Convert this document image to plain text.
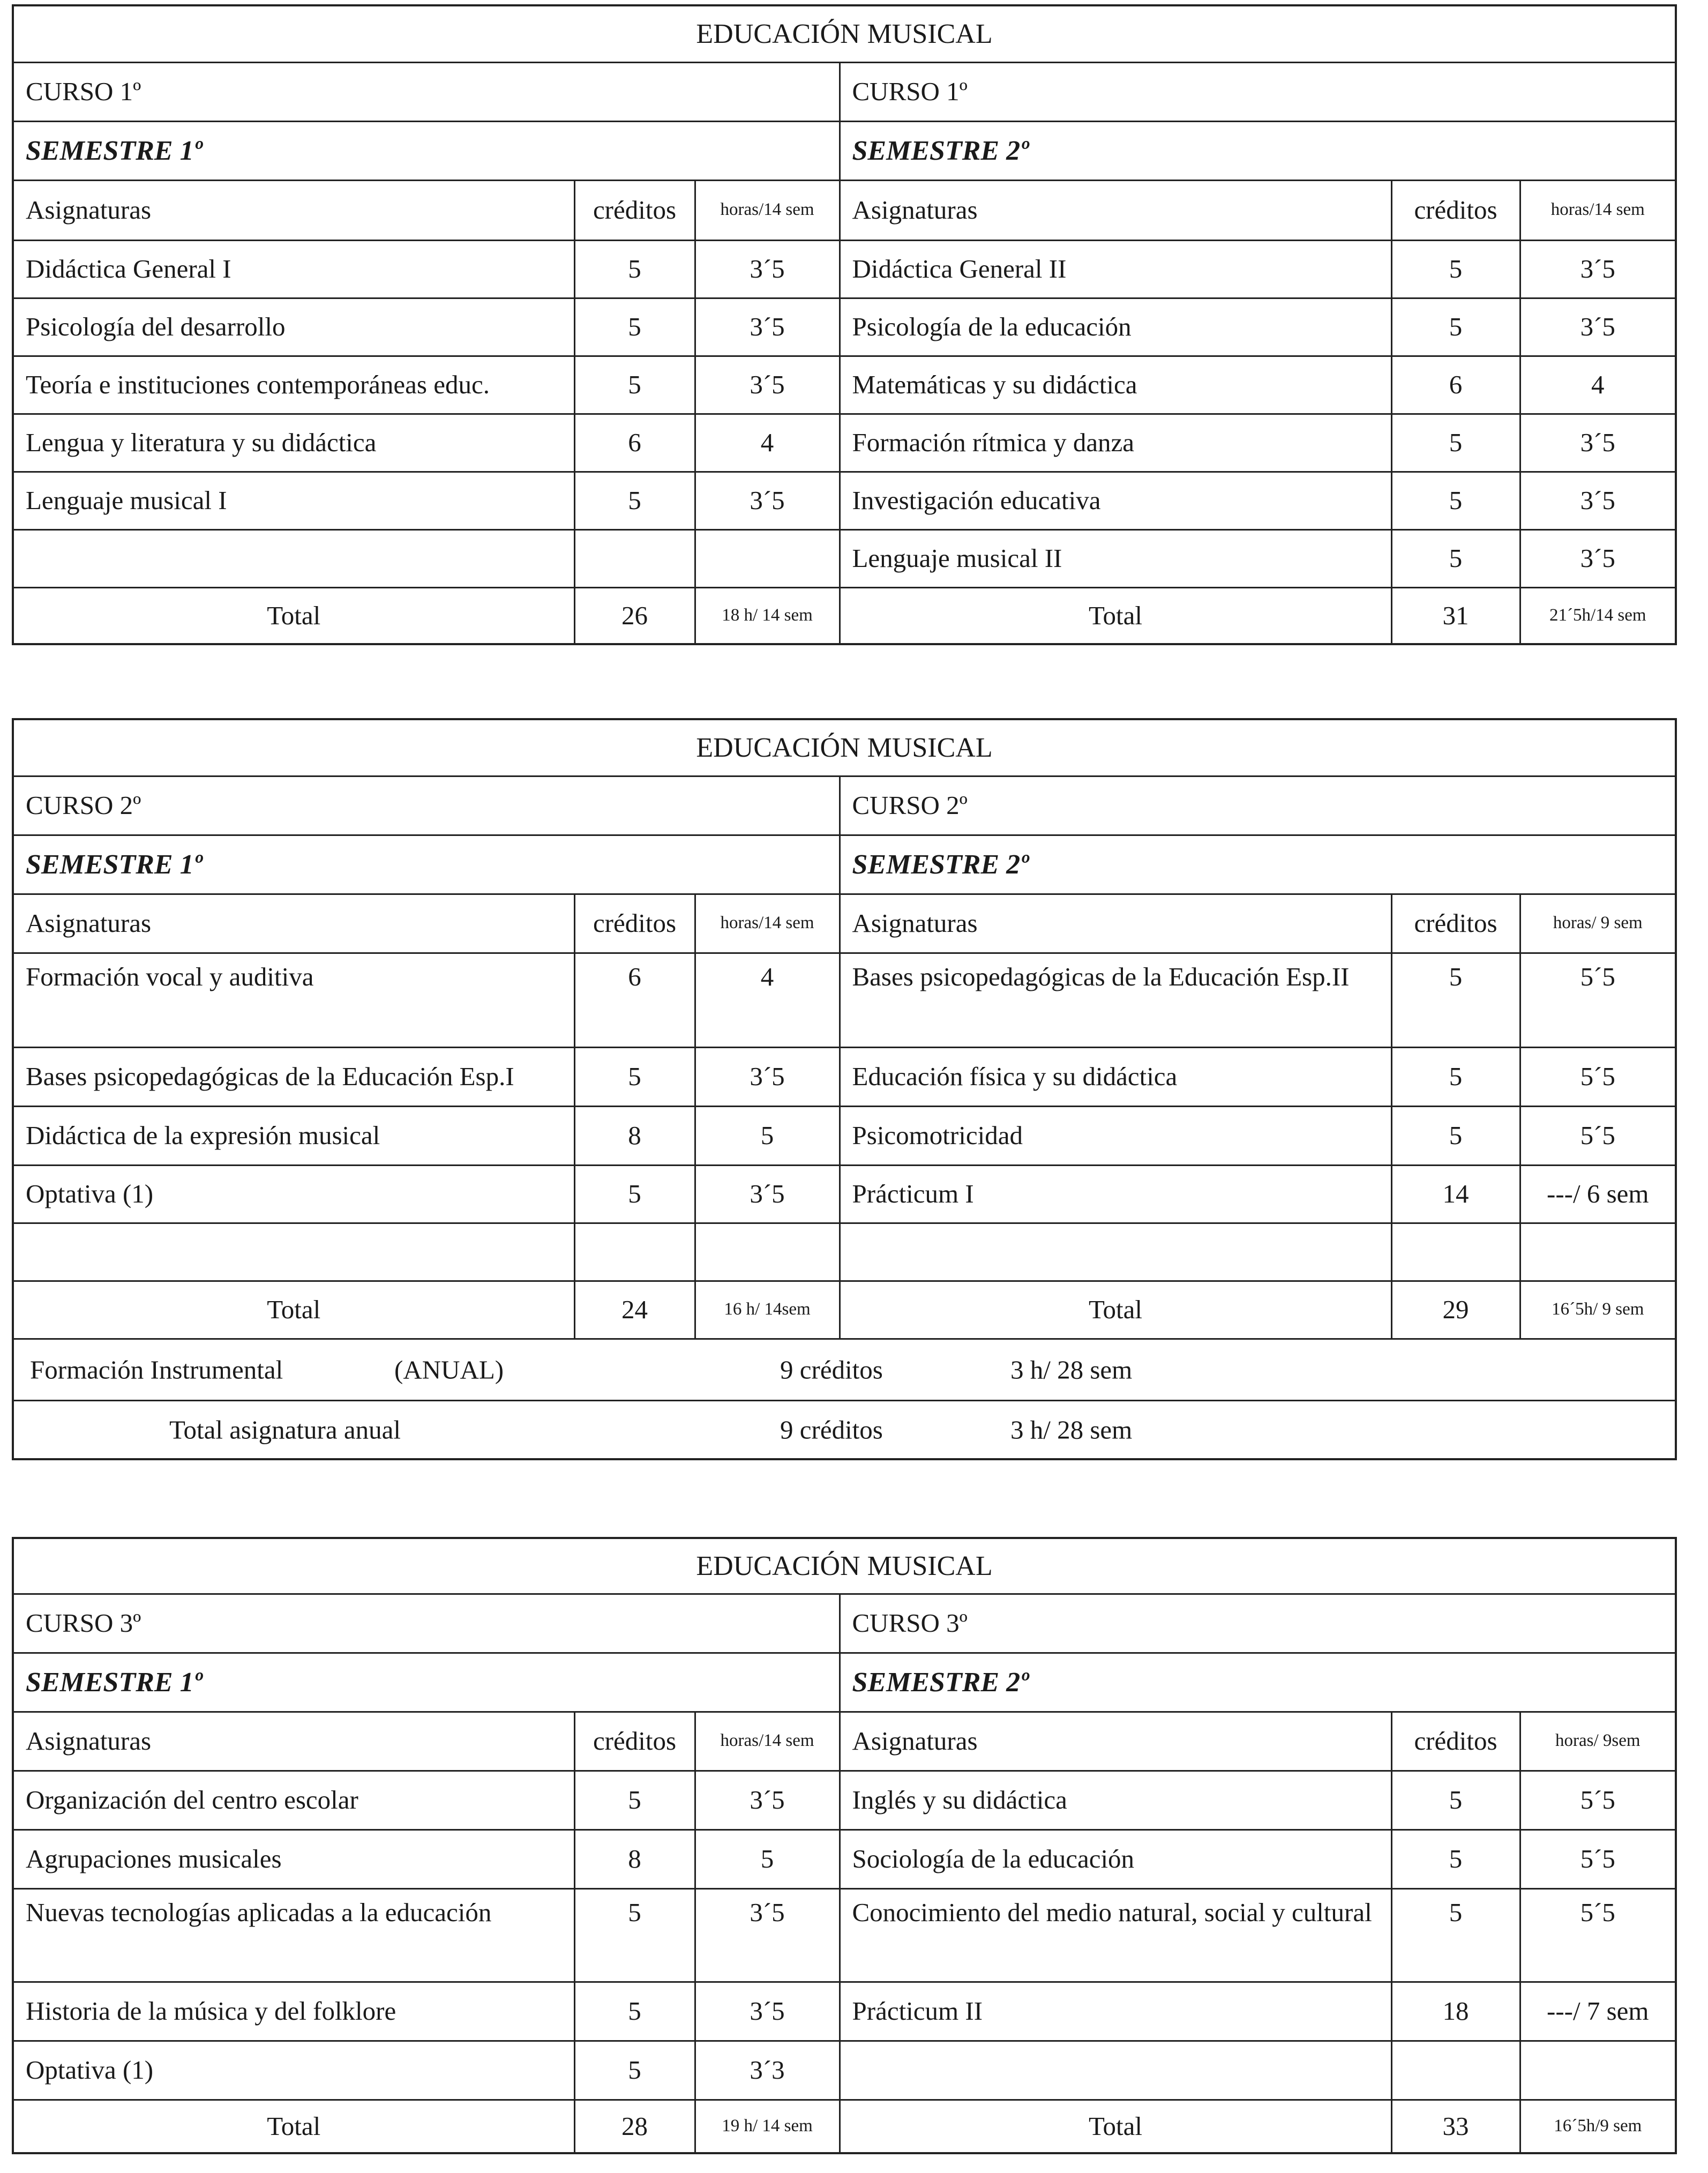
EDUCACIÓN MUSICAL					
CURSO 1º			CURSO 1º		
SEMESTRE 1º			SEMESTRE 2º		
Asignaturas	créditos	horas/14 sem	Asignaturas	créditos	horas/14 sem
Didáctica General I	5	3´5	Didáctica General II	5	3´5
Psicología del desarrollo	5	3´5	Psicología de la educación	5	3´5
Teoría e instituciones contemporáneas educ.	5	3´5	Matemáticas y su didáctica	6	4
Lengua y literatura y su didáctica	6	4	Formación rítmica y danza	5	3´5
Lenguaje musical I	5	3´5	Investigación educativa	5	3´5
			Lenguaje musical II	5	3´5
Total	26	18 h/ 14 sem	Total	31	21´5h/14 sem
EDUCACIÓN MUSICAL					
CURSO 2º			CURSO 2º		
SEMESTRE 1º			SEMESTRE 2º		
Asignaturas	créditos	horas/14 sem	Asignaturas	créditos	horas/ 9 sem
Formación vocal y auditiva	6	4	Bases psicopedagógicas de la Educación Esp.II	5	5´5
Bases psicopedagógicas de la Educación Esp.I	5	3´5	Educación física y su didáctica	5	5´5
Didáctica de la expresión musical	8	5	Psicomotricidad	5	5´5
Optativa (1)	5	3´5	Prácticum I	14	---/ 6 sem

Total	24	16 h/ 14sem	Total	29	16´5h/ 9 sem

Formación Instrumental (ANUAL) 9 créditos 3 h/ 28 sem					

Total asignatura anual 9 créditos 3 h/ 28 sem					
EDUCACIÓN MUSICAL					
CURSO 3º			CURSO 3º		
SEMESTRE 1º			SEMESTRE 2º		
Asignaturas	créditos	horas/14 sem	Asignaturas	créditos	horas/ 9sem
Organización del centro escolar	5	3´5	Inglés y su didáctica	5	5´5
Agrupaciones musicales	8	5	Sociología de la educación	5	5´5
Nuevas tecnologías aplicadas a la educación	5	3´5	Conocimiento del medio natural, social y cultural	5	5´5
Historia de la música y del folklore	5	3´5	Prácticum II	18	---/ 7 sem
Optativa (1)	5	3´3			
Total	28	19 h/ 14 sem	Total	33	16´5h/9 sem
